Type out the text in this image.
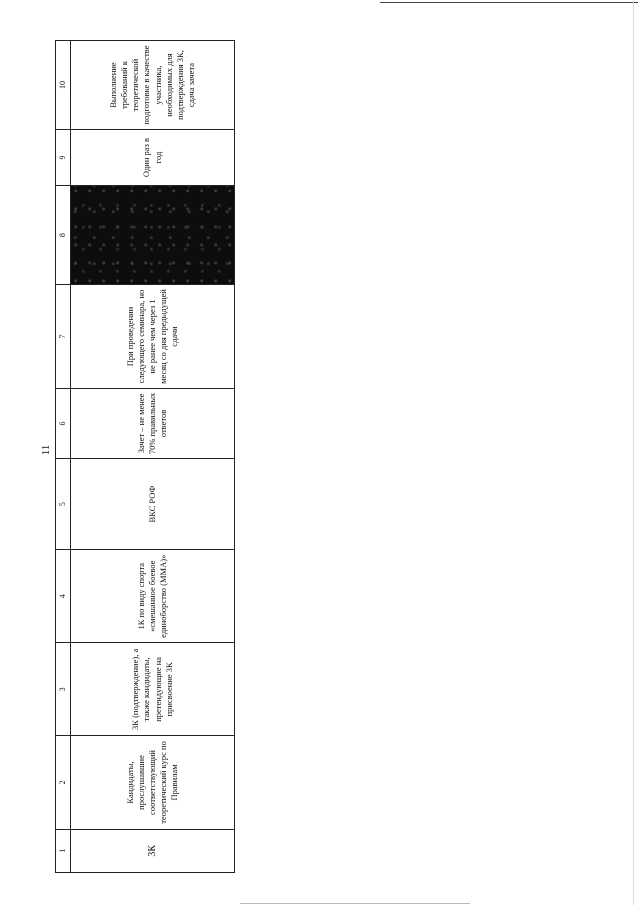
11
1	2	3	4	5	6	7	8	9	10
3К	Кандидаты, прослушавшие соответствующий теоретический курс по Правилам	3К (подтверждение), а также кандидаты, претендующие на присвоение 3К	1К по виду спорта «смешанное боевое единоборство (ММА)»	ВКС РОФ	Зачет – не менее 70% правильных ответов	При проведении следующего семинара, но не ранее чем через 1 месяц со дня предыдущей сдачи		Один раз в год	Выполнение требований к теоретической подготовке в качестве участника, необходимых для подтверждения 3К, сдача зачета
